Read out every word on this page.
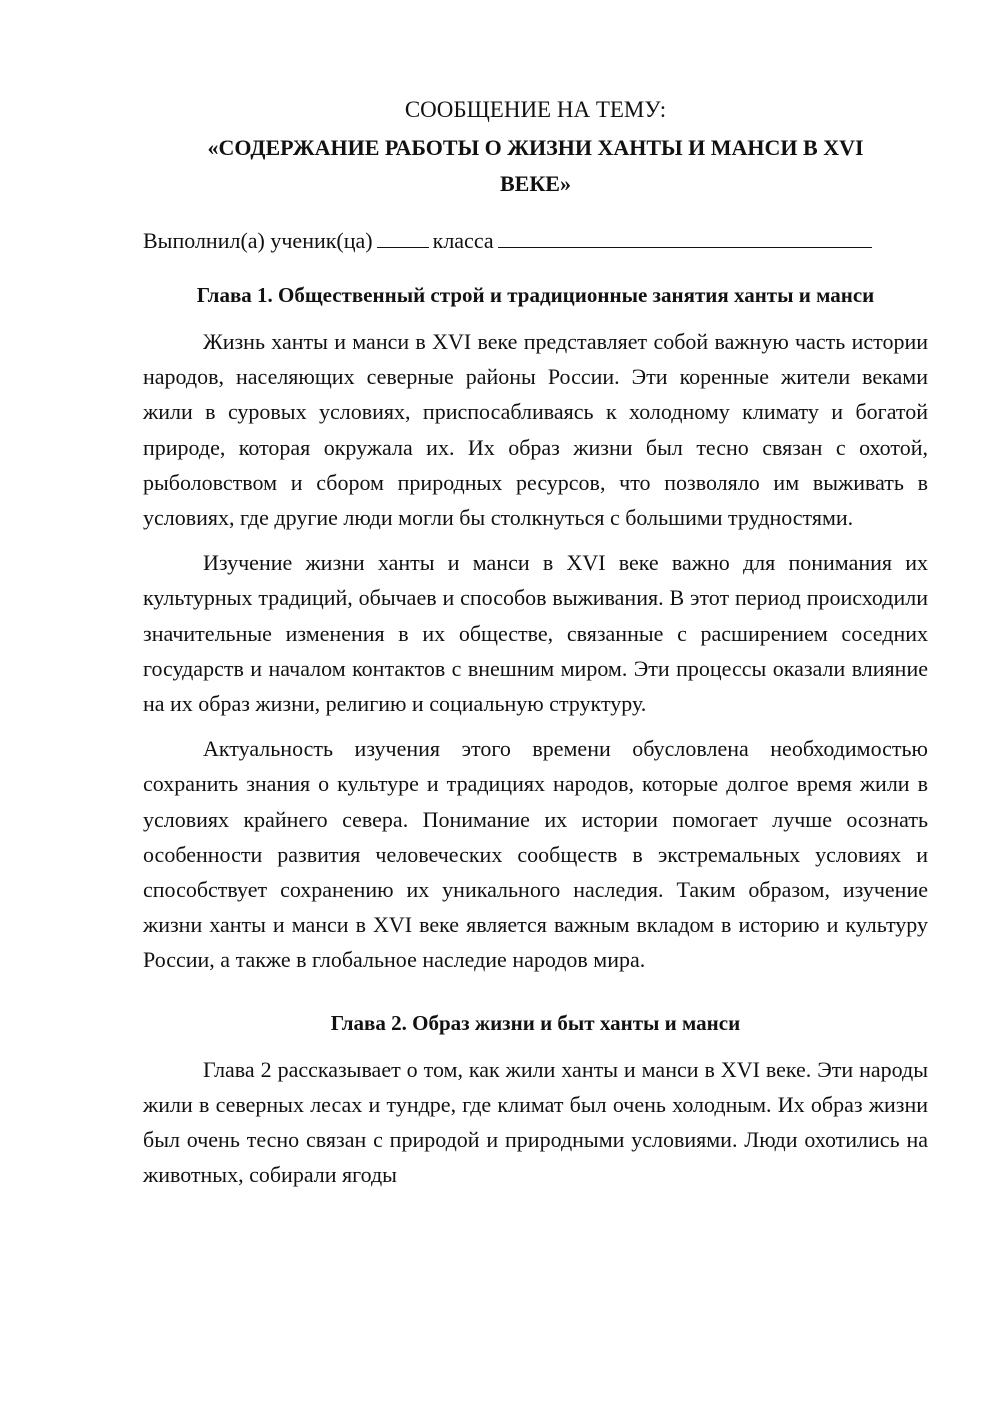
СООБЩЕНИЕ НА ТЕМУ:

«СОДЕРЖАНИЕ РАБОТЫ О ЖИЗНИ ХАНТЫ И МАНСИ В XVI
ВЕКЕ»
Выполнил(а) ученик(ца)	класса
Глава 1. Общественный строй и традиционные занятия ханты и манси

Жизнь ханты и манси в XVI веке представляет собой важную часть истории народов, населяющих северные районы России. Эти коренные жители веками жили в суровых условиях, приспосабливаясь к холодному климату и богатой природе, которая окружала их. Их образ жизни был тесно связан с охотой, рыболовством и сбором природных ресурсов, что позволяло им выживать в условиях, где другие люди могли бы столкнуться с большими трудностями.

Изучение жизни ханты и манси в XVI веке важно для понимания их культурных традиций, обычаев и способов выживания. В этот период происходили значительные изменения в их обществе, связанные с расширением соседних государств и началом контактов с внешним миром. Эти процессы оказали влияние на их образ жизни, религию и социальную структуру.

Актуальность изучения этого времени обусловлена необходимостью сохранить знания о культуре и традициях народов, которые долгое время жили в условиях крайнего севера. Понимание их истории помогает лучше осознать особенности развития человеческих сообществ в экстремальных условиях и способствует сохранению их уникального наследия. Таким образом, изучение жизни ханты и манси в XVI веке является важным вкладом в историю и культуру России, а также в глобальное наследие народов мира.

Глава 2. Образ жизни и быт ханты и манси

Глава 2 рассказывает о том, как жили ханты и манси в XVI веке. Эти народы жили в северных лесах и тундре, где климат был очень холодным. Их образ жизни был очень тесно связан с природой и природными условиями. Люди охотились на животных, собирали ягоды
